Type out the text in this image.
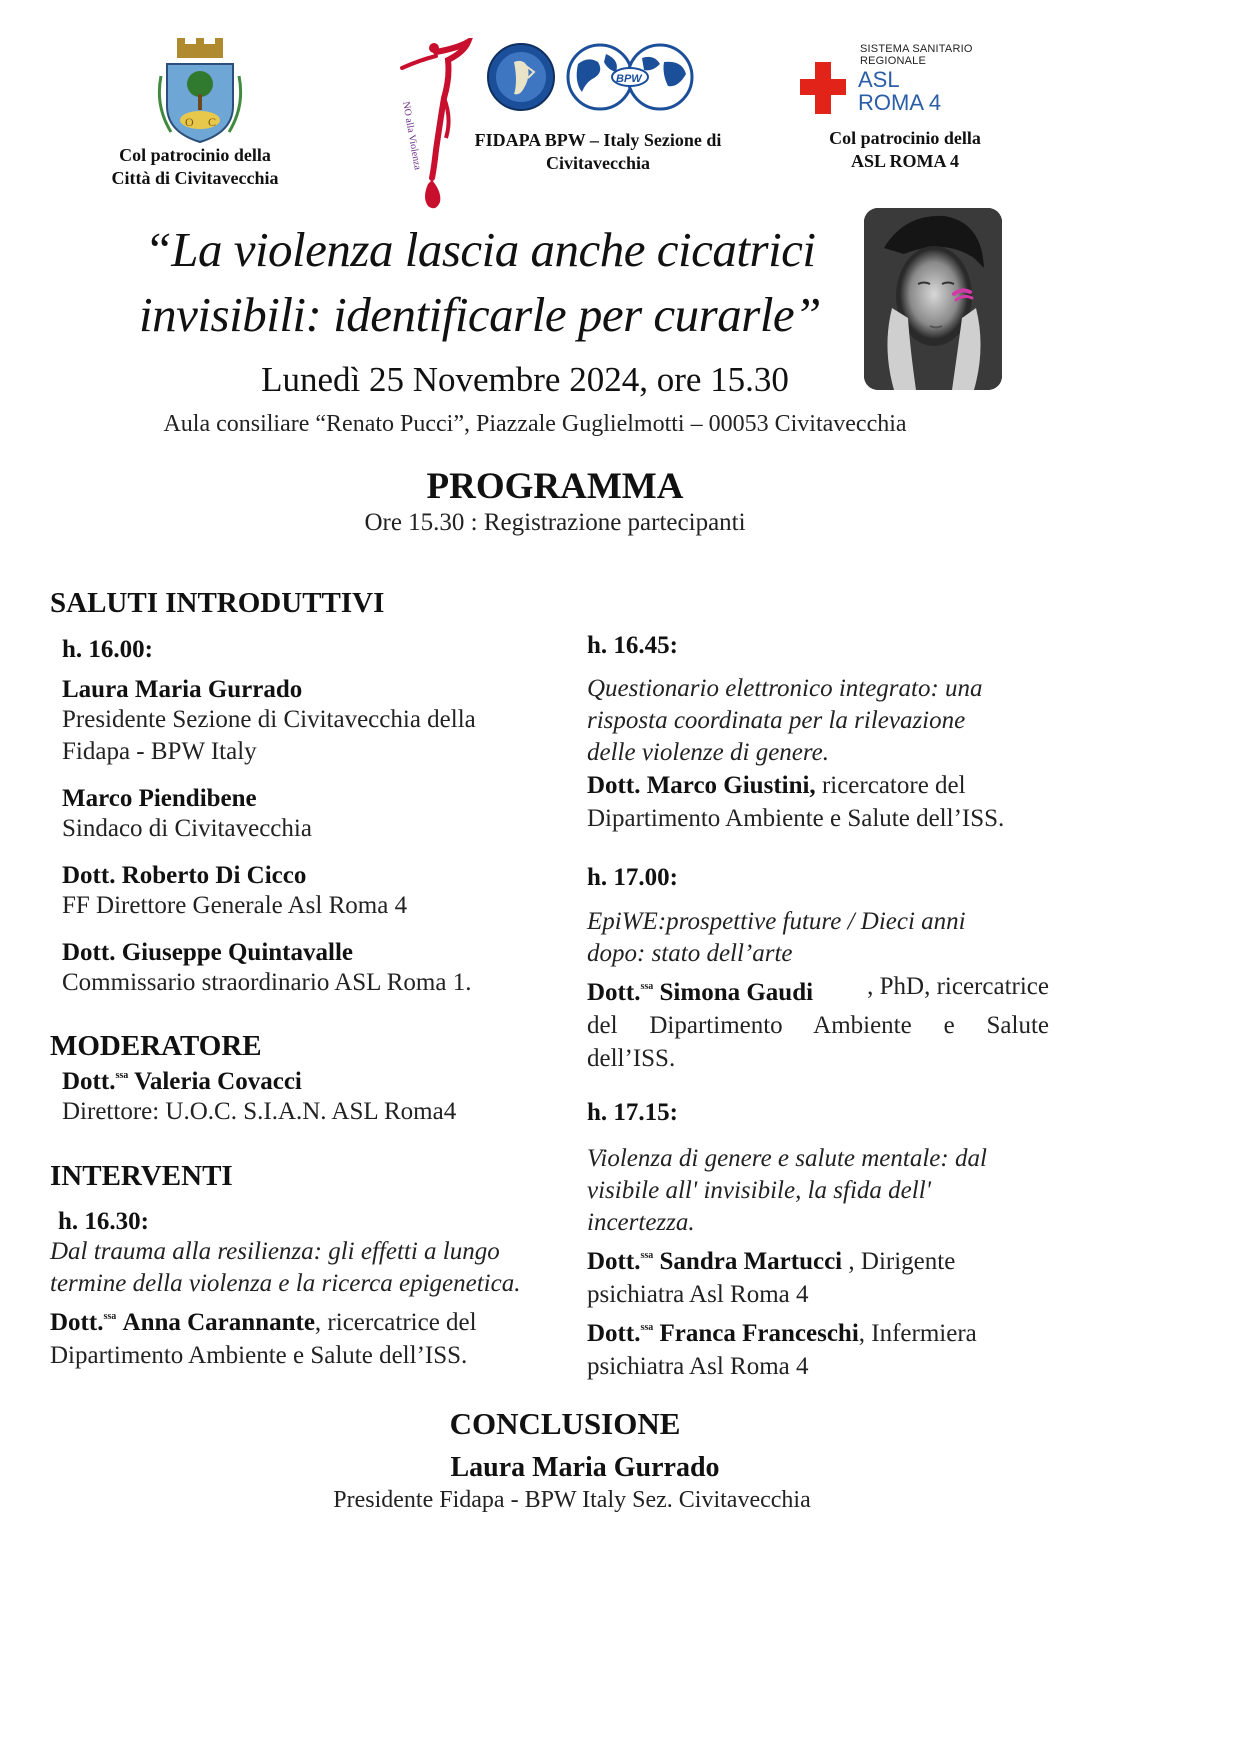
O C
Col patrocinio della
Città di Civitavecchia
NO alla Violenza
BPW
FIDAPA BPW – Italy Sezione di
Civitavecchia
SISTEMA SANITARIO REGIONALE
ASL
ROMA 4
Col patrocinio della
ASL ROMA 4
“La violenza lascia anche cicatrici
invisibili: identificarle per curarle”
Lunedì 25 Novembre 2024, ore 15.30
Aula consiliare “Renato Pucci”, Piazzale Guglielmotti – 00053 Civitavecchia
PROGRAMMA
Ore 15.30 : Registrazione partecipanti
SALUTI INTRODUTTIVI
h. 16.00:
Laura Maria Gurrado
Presidente Sezione di Civitavecchia della
Fidapa - BPW Italy
Marco Piendibene
Sindaco di Civitavecchia
Dott. Roberto Di Cicco
FF Direttore Generale Asl Roma 4
Dott. Giuseppe Quintavalle
Commissario straordinario ASL Roma 1.
MODERATORE
Dott.$^{ssa}$ Valeria Covacci
Direttore: U.O.C. S.I.A.N. ASL Roma4
INTERVENTI
h. 16.30:
Dal trauma alla resilienza: gli effetti a lungo
termine della violenza e la ricerca epigenetica.
Dott.$^{ssa}$ Anna Carannante, ricercatrice del
Dipartimento Ambiente e Salute dell’ISS.
h. 16.45:
Questionario elettronico integrato: una
risposta coordinata per la rilevazione
delle violenze di genere.
Dott. Marco Giustini, ricercatore del
Dipartimento Ambiente e Salute dell’ISS.
h. 17.00:
EpiWE:prospettive future / Dieci anni
dopo: stato dell’arte
Dott.$^{ssa}$ Simona Gaudi , PhD, ricercatrice
del Dipartimento Ambiente e Salute
dell’ISS.
h. 17.15:
Violenza di genere e salute mentale: dal
visibile all' invisibile, la sfida dell'
incertezza.
Dott.$^{ssa}$ Sandra Martucci , Dirigente
psichiatra Asl Roma 4
Dott.$^{ssa}$ Franca Franceschi, Infermiera
psichiatra Asl Roma 4
CONCLUSIONE
Laura Maria Gurrado
Presidente Fidapa - BPW Italy Sez. Civitavecchia
